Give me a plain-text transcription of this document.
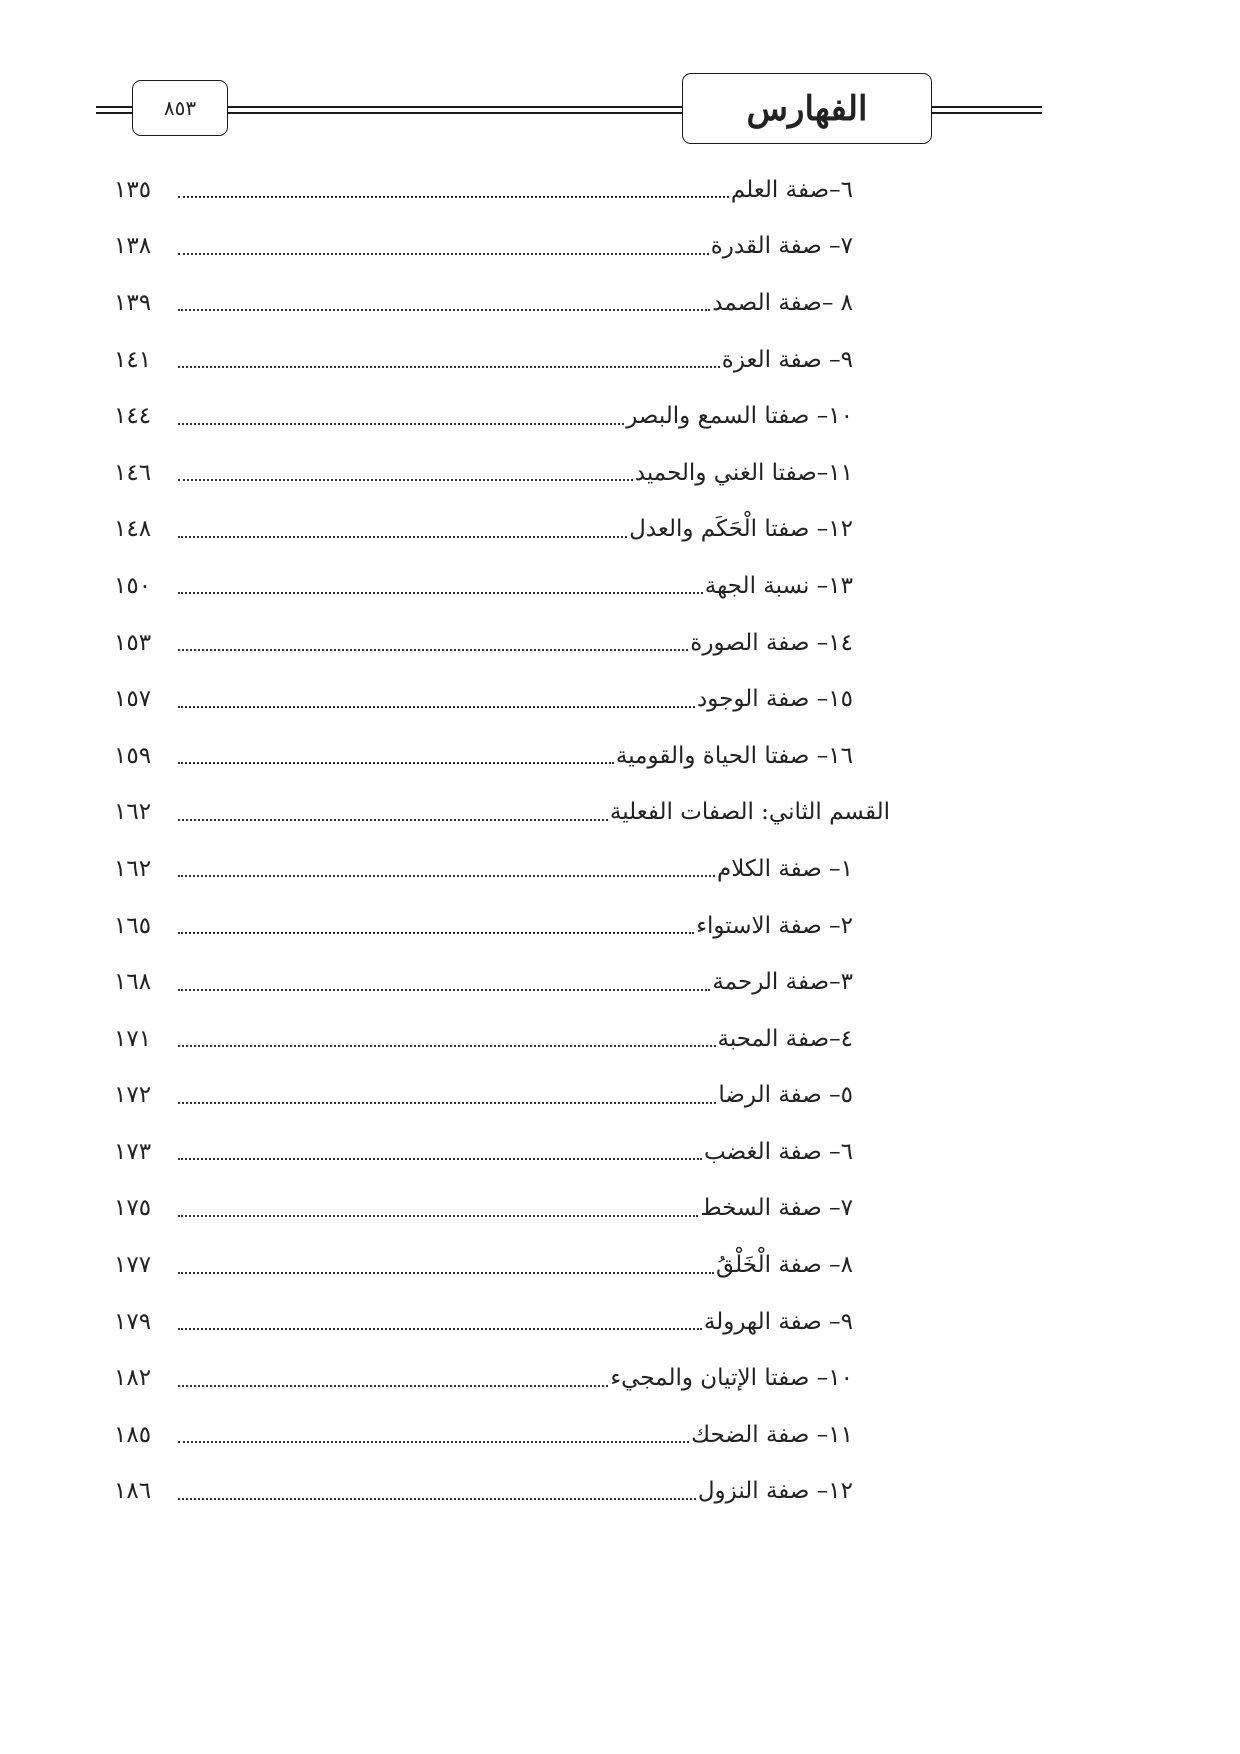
٨٥٣	الفهارس
١٣٥	٦–صفة العلم
١٣٨	٧– صفة القدرة
١٣٩	٨ –صفة الصمد
١٤١	٩– صفة العزة
١٤٤	١٠– صفتا السمع والبصر
١٤٦	١١–صفتا الغني والحميد
١٤٨	١٢– صفتا الْحَكَم والعدل
١٥٠	١٣– نسبة الجهة
١٥٣	١٤– صفة الصورة
١٥٧	١٥– صفة الوجود
١٥٩	١٦– صفتا الحياة والقومية
١٦٢	القسم الثاني: الصفات الفعلية
١٦٢	١– صفة الكلام
١٦٥	٢– صفة الاستواء
١٦٨	٣–صفة الرحمة
١٧١	٤–صفة المحبة
١٧٢	٥– صفة الرضا
١٧٣	٦– صفة الغضب
١٧٥	٧– صفة السخط
١٧٧	٨– صفة الْخَلْقُ
١٧٩	٩– صفة الهرولة
١٨٢	١٠– صفتا الإتيان والمجيء
١٨٥	١١– صفة الضحك
١٨٦	١٢– صفة النزول
